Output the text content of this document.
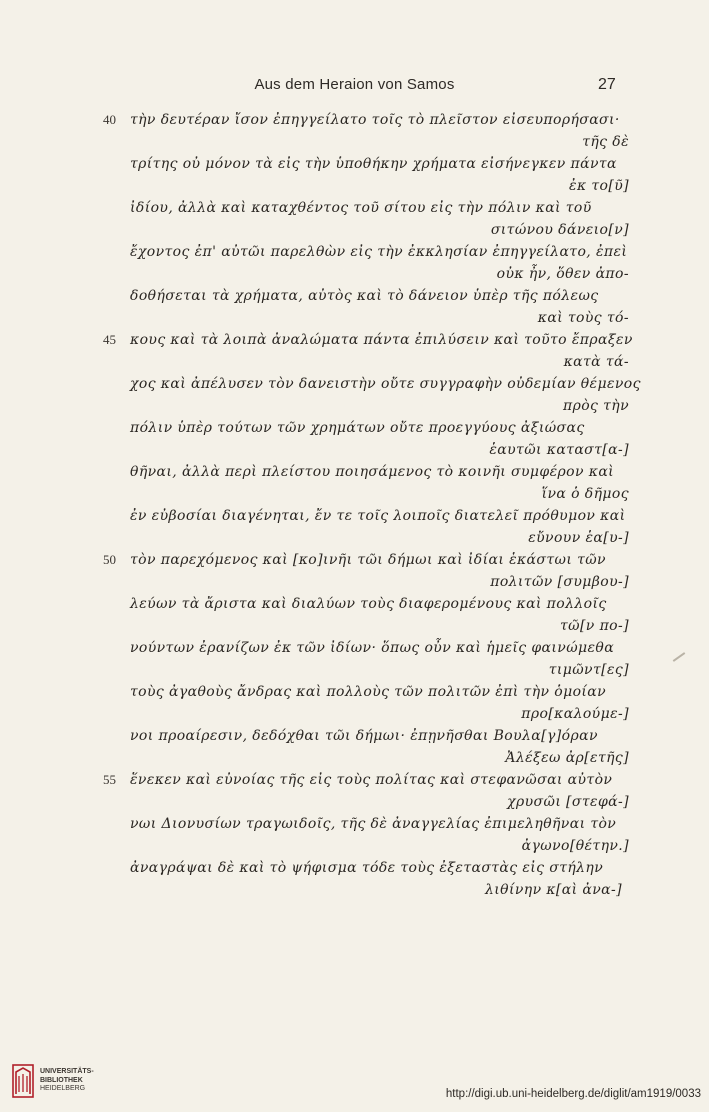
Aus dem Heraion von Samos	27
40	τὴν δευτέραν ἴσον ἐπηγγείλατο τοῖς τὸ πλεῖστον εἰσευπορήσασι·
τῆς δὲ
τρίτης οὐ μόνον τὰ εἰς τὴν ὑποθήκην χρήματα εἰσήνεγκεν πάντα
ἐκ το[ῦ]
ἰδίου, ἀλλὰ καὶ καταχθέντος τοῦ σίτου εἰς τὴν πόλιν καὶ τοῦ
σιτώνου δάνειο[ν]
ἔχοντος ἐπ' αὐτῶι παρελθὼν εἰς τὴν ἐκκλησίαν ἐπηγγείλατο, ἐπεὶ
οὐκ ἦν, ὅθεν ἀπο-
δοθήσεται τὰ χρήματα, αὐτὸς καὶ τὸ δάνειον ὑπὲρ τῆς πόλεως
καὶ τοὺς τό-
45	κους καὶ τὰ λοιπὰ ἀναλώματα πάντα ἐπιλύσειν καὶ τοῦτο ἔπραξεν
κατὰ τά-
χος καὶ ἀπέλυσεν τὸν δανειστὴν οὔτε συγγραφὴν οὐδεμίαν θέμενος
πρὸς τὴν
πόλιν ὑπὲρ τούτων τῶν χρημάτων οὔτε προεγγύους ἀξιώσας
ἑαυτῶι καταστ[α-]
θῆναι, ἀλλὰ περὶ πλείστου ποιησάμενος τὸ κοινῆι συμφέρον καὶ
ἵνα ὁ δῆμος
ἐν εὐβοσίαι διαγένηται, ἔν τε τοῖς λοιποῖς διατελεῖ πρόθυμον καὶ
εὔνουν ἑα[υ-]
50	τὸν παρεχόμενος καὶ [κο]ινῆι τῶι δήμωι καὶ ἰδίαι ἑκάστωι τῶν
πολιτῶν [συμβου-]
λεύων τὰ ἄριστα καὶ διαλύων τοὺς διαφερομένους καὶ πολλοῖς
τῶ[ν πο-]
νούντων ἐρανίζων ἐκ τῶν ἰδίων· ὅπως οὖν καὶ ἡμεῖς φαινώμεθα
τιμῶντ[ες]
τοὺς ἀγαθοὺς ἄνδρας καὶ πολλοὺς τῶν πολιτῶν ἐπὶ τὴν ὁμοίαν
προ[καλούμε-]
νοι προαίρεσιν, δεδόχθαι τῶι δήμωι· ἐπῃνῆσθαι Βουλα[γ]όραν
Ἀλέξεω ἀρ[ετῆς]
55	ἕνεκεν καὶ εὐνοίας τῆς εἰς τοὺς πολίτας καὶ στεφανῶσαι αὐτὸν
χρυσῶι [στεφά-]
νωι Διονυσίων τραγωιδοῖς, τῆς δὲ ἀναγγελίας ἐπιμεληθῆναι τὸν
ἀγωνο[θέτην.]
ἀναγράψαι δὲ καὶ τὸ ψήφισμα τόδε τοὺς ἐξεταστὰς εἰς στήλην
λιθίνην κ[αὶ ἀνα-]
UNIVERSITÄTS-
BIBLIOTHEK
HEIDELBERG	http://digi.ub.uni-heidelberg.de/diglit/am1919/0033
